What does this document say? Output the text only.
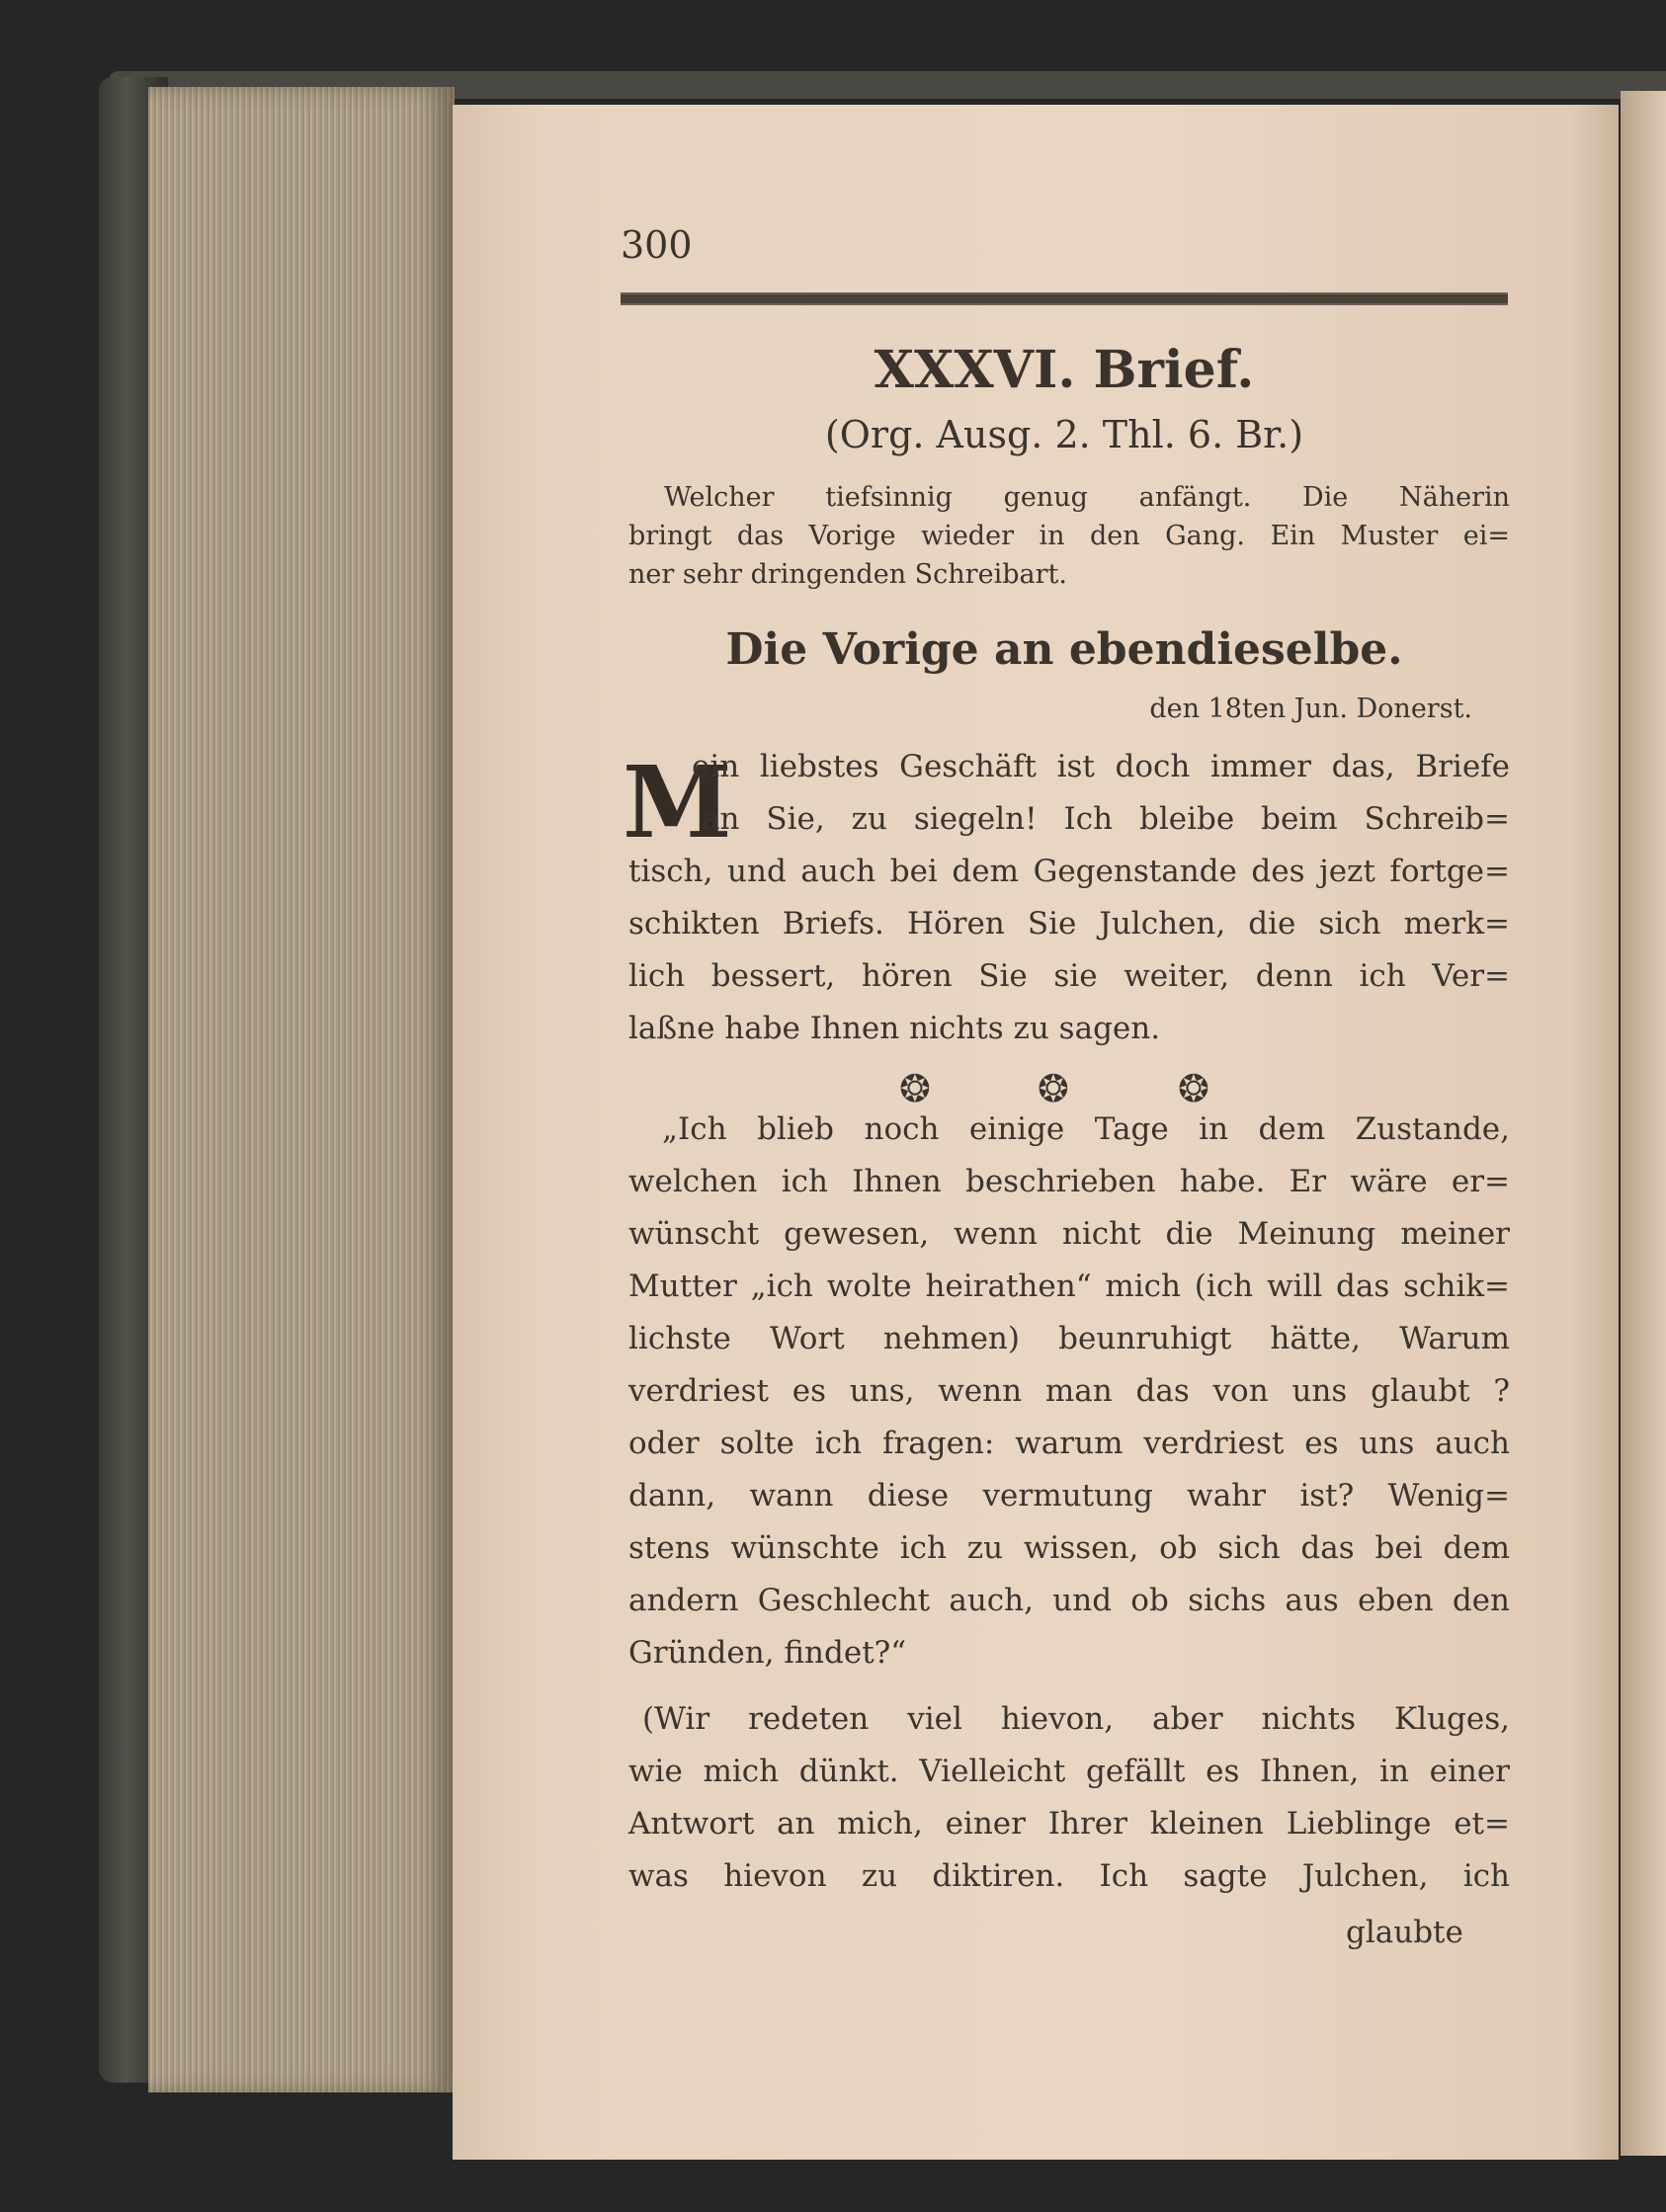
300
XXXVI. Brief.
(Org. Ausg. 2. Thl. 6. Br.)
Welcher tiefsinnig genug anfängt. Die Näherin
bringt das Vorige wieder in den Gang. Ein Muster ei=
ner sehr dringenden Schreibart.
Die Vorige an ebendieselbe.
den 18ten Jun. Donerst.
M
ein liebstes Geschäft ist doch immer das, Briefe
an Sie, zu siegeln! Ich bleibe beim Schreib=
tisch, und auch bei dem Gegenstande des jezt fortge=
schikten Briefs. Hören Sie Julchen, die sich merk=
lich bessert, hören Sie sie weiter, denn ich Ver=
laßne habe Ihnen nichts zu sagen.
❂	❂	❂
„Ich blieb noch einige Tage in dem Zustande,
welchen ich Ihnen beschrieben habe. Er wäre er=
wünscht gewesen, wenn nicht die Meinung meiner
Mutter „ich wolte heirathen“ mich (ich will das schik=
lichste Wort nehmen) beunruhigt hätte, Warum
verdriest es uns, wenn man das von uns glaubt ?
oder solte ich fragen: warum verdriest es uns auch
dann, wann diese vermutung wahr ist? Wenig=
stens wünschte ich zu wissen, ob sich das bei dem
andern Geschlecht auch, und ob sichs aus eben den
Gründen, findet?“
(Wir redeten viel hievon, aber nichts Kluges,
wie mich dünkt. Vielleicht gefällt es Ihnen, in einer
Antwort an mich, einer Ihrer kleinen Lieblinge et=
was hievon zu diktiren. Ich sagte Julchen, ich
glaubte
